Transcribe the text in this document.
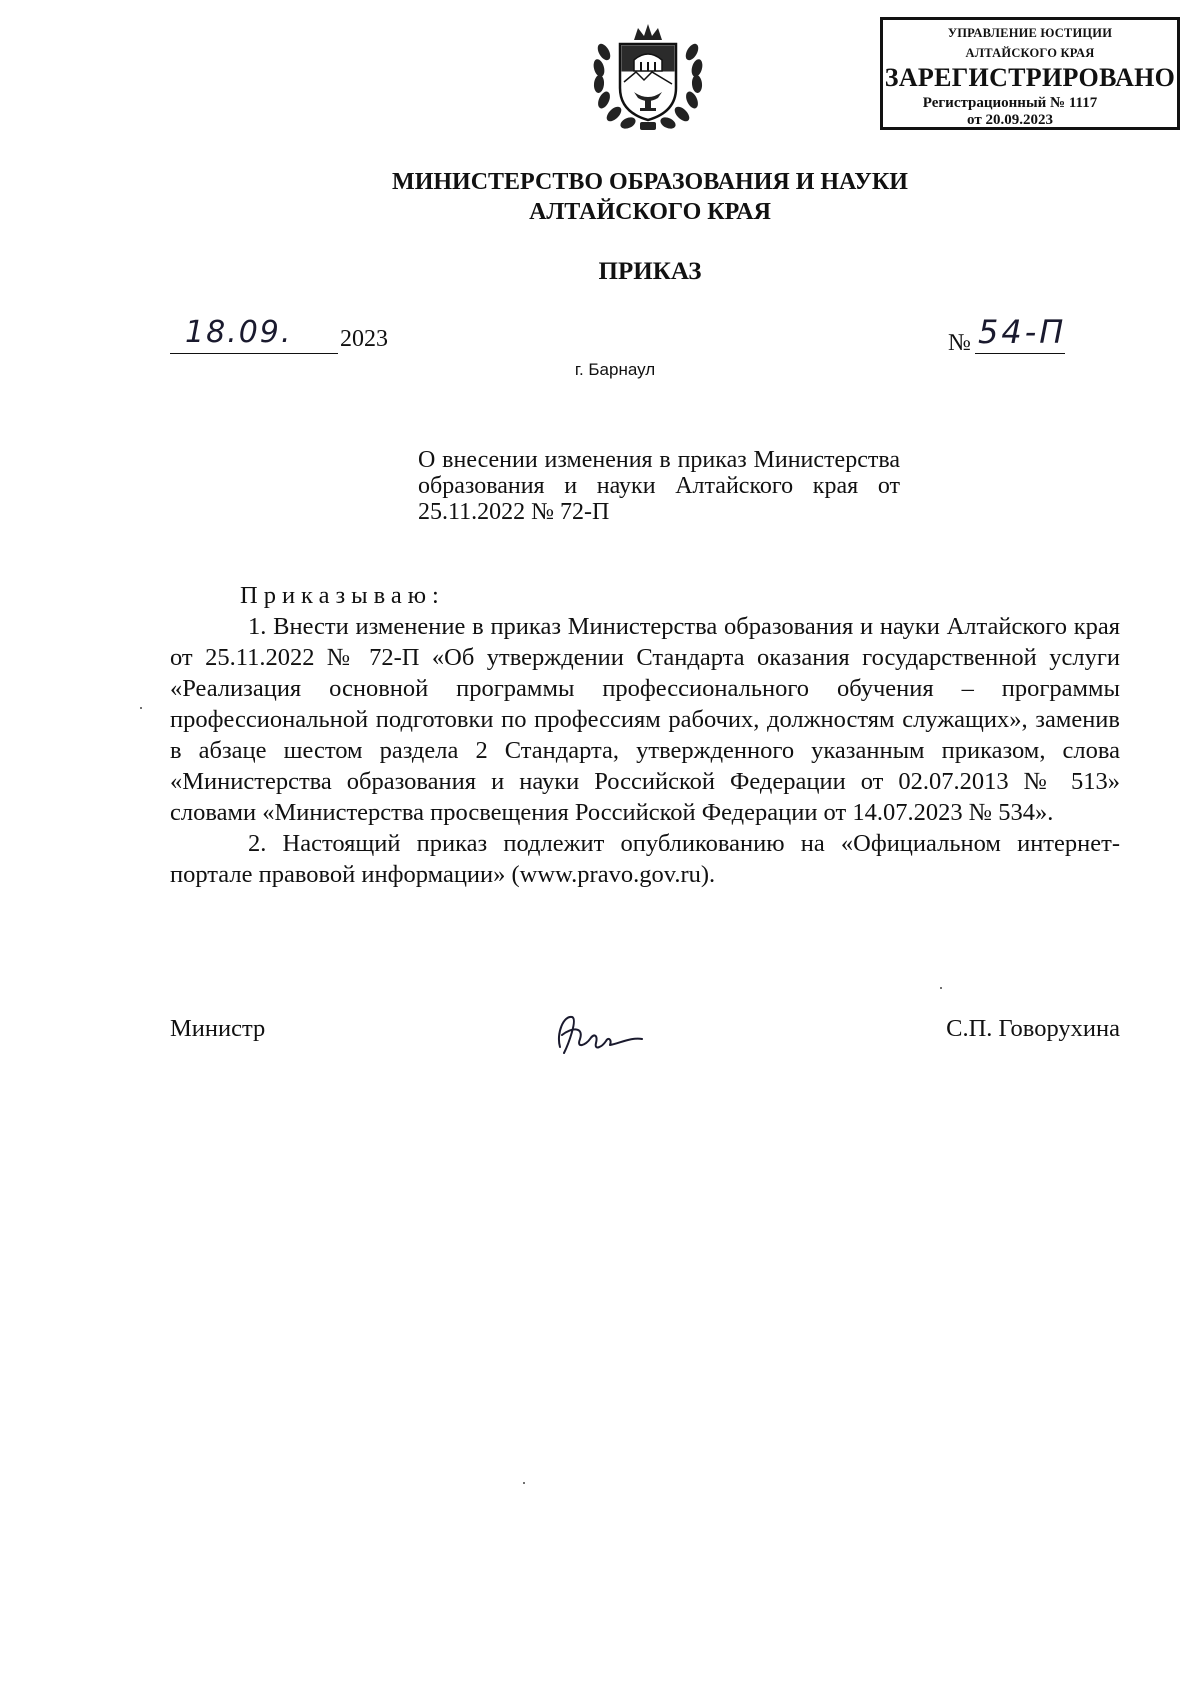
УПРАВЛЕНИЕ ЮСТИЦИИ
АЛТАЙСКОГО КРАЯ
ЗАРЕГИСТРИРОВАНО
Регистрационный № 1117
от 20.09.2023
МИНИСТЕРСТВО ОБРАЗОВАНИЯ И НАУКИ
АЛТАЙСКОГО КРАЯ
ПРИКАЗ
18.09. 2023	№ 54-П
г. Барнаул
О внесении изменения в приказ Министерства образования и науки Алтайского края от 25.11.2022 № 72-П

Приказываю:

1. Внести изменение в приказ Министерства образования и науки Алтайского края от 25.11.2022 № 72-П «Об утверждении Стандарта оказания государственной услуги «Реализация основной программы профессионального обучения – программы профессиональной подготовки по профессиям рабочих, должностям служащих», заменив в абзаце шестом раздела 2 Стандарта, утвержденного указанным приказом, слова «Министерства образования и науки Российской Федерации от 02.07.2013 № 513» словами «Министерства просвещения Российской Федерации от 14.07.2023 № 534».

2. Настоящий приказ подлежит опубликованию на «Официальном интернет-портале правовой информации» (www.pravo.gov.ru).

Министр	С.П. Говорухина
